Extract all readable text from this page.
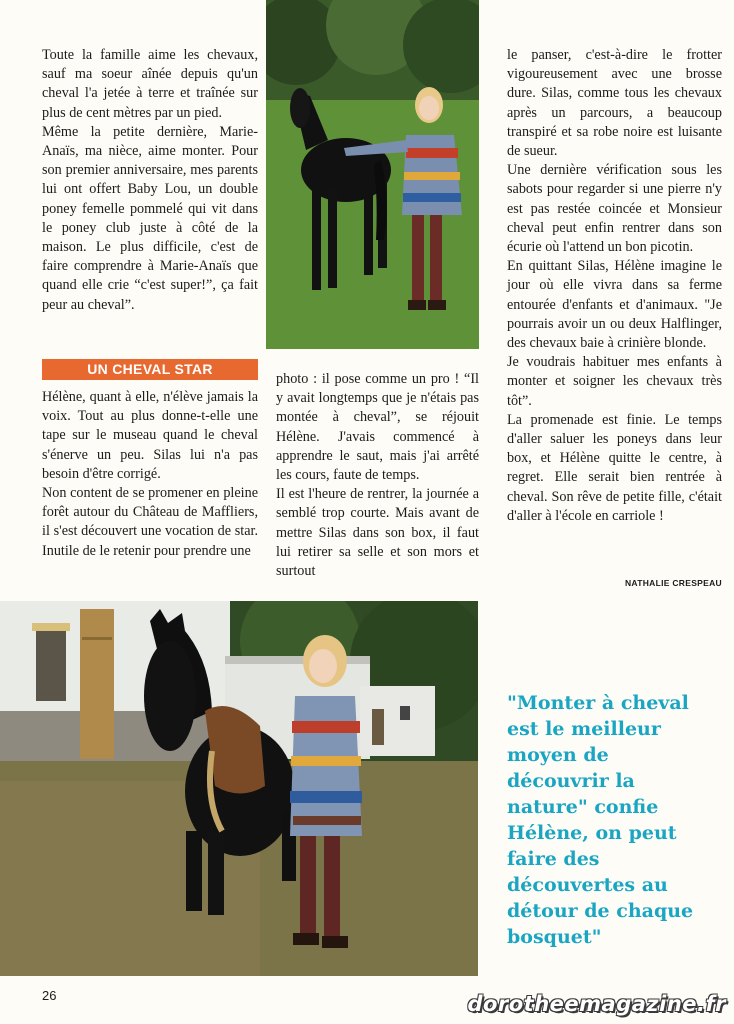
Toute la famille aime les chevaux, sauf ma soeur aînée depuis qu'un cheval l'a jetée à terre et traînée sur plus de cent mètres par un pied.

Même la petite dernière, Marie-Anaïs, ma nièce, aime monter. Pour son premier anniversaire, mes parents lui ont offert Baby Lou, un double poney femelle pommelé qui vit dans le poney club juste à côté de la maison. Le plus difficile, c'est de faire comprendre à Marie-Anaïs que quand elle crie “c'est super!”, ça fait peur au cheval”.

UN CHEVAL STAR

Hélène, quant à elle, n'élève jamais la voix. Tout au plus donne-t-elle une tape sur le museau quand le cheval s'énerve un peu. Silas lui n'a pas besoin d'être corrigé.

Non content de se promener en pleine forêt autour du Château de Maffliers, il s'est découvert une vocation de star. Inutile de le retenir pour prendre une

photo : il pose comme un pro ! “Il y avait longtemps que je n'étais pas montée à cheval”, se réjouit Hélène. J'avais commencé à apprendre le saut, mais j'ai arrêté les cours, faute de temps.

Il est l'heure de rentrer, la journée a semblé trop courte. Mais avant de mettre Silas dans son box, il faut lui retirer sa selle et son mors et surtout

le panser, c'est-à-dire le frotter vigoureusement avec une brosse dure. Silas, comme tous les chevaux après un parcours, a beaucoup transpiré et sa robe noire est luisante de sueur.

Une dernière vérification sous les sabots pour regarder si une pierre n'y est pas restée coincée et Monsieur cheval peut enfin rentrer dans son écurie où l'attend un bon picotin.

En quittant Silas, Hélène imagine le jour où elle vivra dans sa ferme entourée d'enfants et d'animaux. "Je pourrais avoir un ou deux Halflinger, des chevaux baie à crinière blonde.

Je voudrais habituer mes enfants à monter et soigner les chevaux très tôt”.

La promenade est finie. Le temps d'aller saluer les poneys dans leur box, et Hélène quitte le centre, à regret. Elle serait bien rentrée à cheval. Son rêve de petite fille, c'était d'aller à l'école en carriole !

NATHALIE CRESPEAU
"Monter à cheval est le meilleur moyen de découvrir la nature" confie Hélène, on peut faire des découvertes au détour de chaque bosquet"
26	dorotheemagazine.fr
